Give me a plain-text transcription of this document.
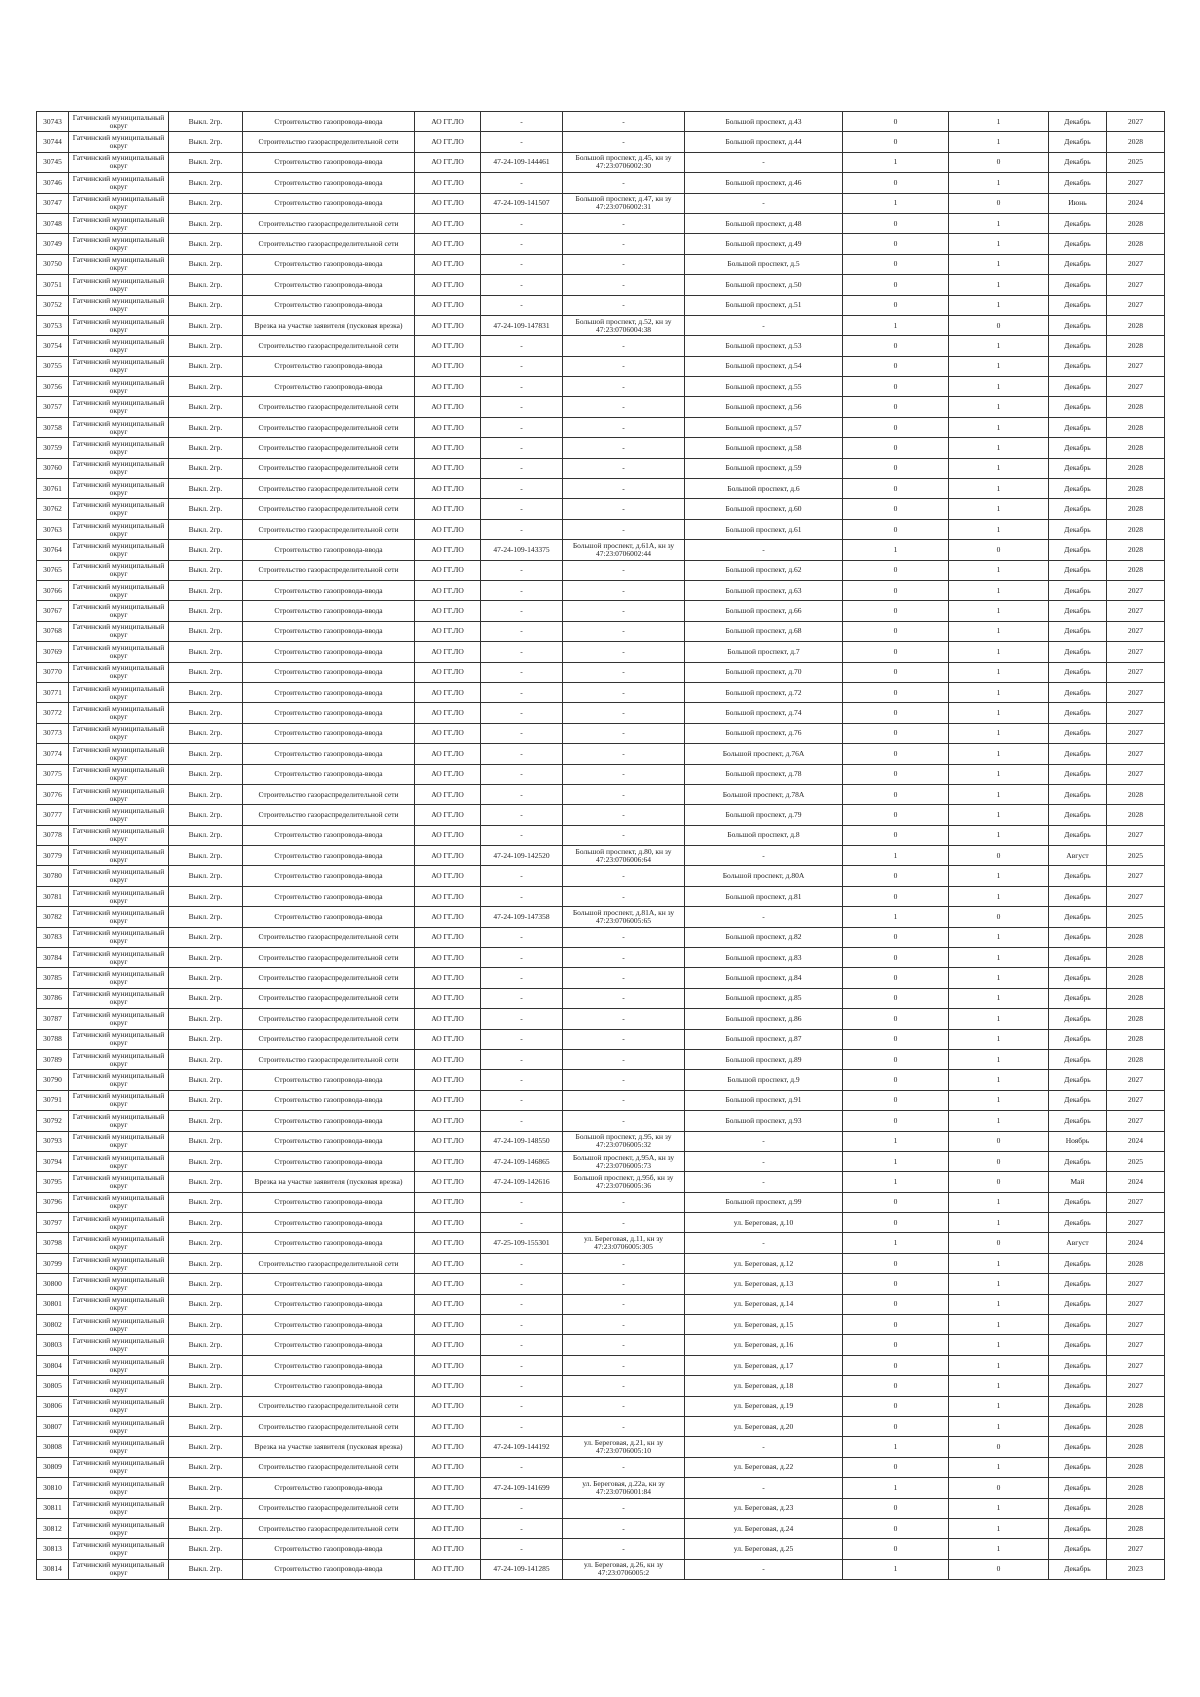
30743	Гатчинский муниципальный округ	Выкл. 2гр.	Строительство газопровода-ввода	АО ГГ.ЛО	-	-	Большой проспект, д.43	0	1	Декабрь	2027
30744	Гатчинский муниципальный округ	Выкл. 2гр.	Строительство газораспределительной сети	АО ГГ.ЛО	-	-	Большой проспект, д.44	0	1	Декабрь	2028
30745	Гатчинский муниципальный округ	Выкл. 2гр.	Строительство газопровода-ввода	АО ГГ.ЛО	47-24-109-144461	Большой проспект, д.45, кн зу 47:23:0706002:30	-	1	0	Декабрь	2025
30746	Гатчинский муниципальный округ	Выкл. 2гр.	Строительство газопровода-ввода	АО ГГ.ЛО	-	-	Большой проспект, д.46	0	1	Декабрь	2027
30747	Гатчинский муниципальный округ	Выкл. 2гр.	Строительство газопровода-ввода	АО ГГ.ЛО	47-24-109-141507	Большой проспект, д.47, кн зу 47:23:0706002:31	-	1	0	Июнь	2024
30748	Гатчинский муниципальный округ	Выкл. 2гр.	Строительство газораспределительной сети	АО ГГ.ЛО	-	-	Большой проспект, д.48	0	1	Декабрь	2028
30749	Гатчинский муниципальный округ	Выкл. 2гр.	Строительство газораспределительной сети	АО ГГ.ЛО	-	-	Большой проспект, д.49	0	1	Декабрь	2028
30750	Гатчинский муниципальный округ	Выкл. 2гр.	Строительство газопровода-ввода	АО ГГ.ЛО	-	-	Большой проспект, д.5	0	1	Декабрь	2027
30751	Гатчинский муниципальный округ	Выкл. 2гр.	Строительство газопровода-ввода	АО ГГ.ЛО	-	-	Большой проспект, д.50	0	1	Декабрь	2027
30752	Гатчинский муниципальный округ	Выкл. 2гр.	Строительство газопровода-ввода	АО ГГ.ЛО	-	-	Большой проспект, д.51	0	1	Декабрь	2027
30753	Гатчинский муниципальный округ	Выкл. 2гр.	Врезка на участке заявителя (пусковая врезка)	АО ГГ.ЛО	47-24-109-147831	Большой проспект, д.52, кн зу 47:23:0706004:38	-	1	0	Декабрь	2028
30754	Гатчинский муниципальный округ	Выкл. 2гр.	Строительство газораспределительной сети	АО ГГ.ЛО	-	-	Большой проспект, д.53	0	1	Декабрь	2028
30755	Гатчинский муниципальный округ	Выкл. 2гр.	Строительство газопровода-ввода	АО ГГ.ЛО	-	-	Большой проспект, д.54	0	1	Декабрь	2027
30756	Гатчинский муниципальный округ	Выкл. 2гр.	Строительство газопровода-ввода	АО ГГ.ЛО	-	-	Большой проспект, д.55	0	1	Декабрь	2027
30757	Гатчинский муниципальный округ	Выкл. 2гр.	Строительство газораспределительной сети	АО ГГ.ЛО	-	-	Большой проспект, д.56	0	1	Декабрь	2028
30758	Гатчинский муниципальный округ	Выкл. 2гр.	Строительство газораспределительной сети	АО ГГ.ЛО	-	-	Большой проспект, д.57	0	1	Декабрь	2028
30759	Гатчинский муниципальный округ	Выкл. 2гр.	Строительство газораспределительной сети	АО ГГ.ЛО	-	-	Большой проспект, д.58	0	1	Декабрь	2028
30760	Гатчинский муниципальный округ	Выкл. 2гр.	Строительство газораспределительной сети	АО ГГ.ЛО	-	-	Большой проспект, д.59	0	1	Декабрь	2028
30761	Гатчинский муниципальный округ	Выкл. 2гр.	Строительство газораспределительной сети	АО ГГ.ЛО	-	-	Большой проспект, д.6	0	1	Декабрь	2028
30762	Гатчинский муниципальный округ	Выкл. 2гр.	Строительство газораспределительной сети	АО ГГ.ЛО	-	-	Большой проспект, д.60	0	1	Декабрь	2028
30763	Гатчинский муниципальный округ	Выкл. 2гр.	Строительство газораспределительной сети	АО ГГ.ЛО	-	-	Большой проспект, д.61	0	1	Декабрь	2028
30764	Гатчинский муниципальный округ	Выкл. 2гр.	Строительство газопровода-ввода	АО ГГ.ЛО	47-24-109-143375	Большой проспект, д.61А, кн зу 47:23:0706002:44	-	1	0	Декабрь	2028
30765	Гатчинский муниципальный округ	Выкл. 2гр.	Строительство газораспределительной сети	АО ГГ.ЛО	-	-	Большой проспект, д.62	0	1	Декабрь	2028
30766	Гатчинский муниципальный округ	Выкл. 2гр.	Строительство газопровода-ввода	АО ГГ.ЛО	-	-	Большой проспект, д.63	0	1	Декабрь	2027
30767	Гатчинский муниципальный округ	Выкл. 2гр.	Строительство газопровода-ввода	АО ГГ.ЛО	-	-	Большой проспект, д.66	0	1	Декабрь	2027
30768	Гатчинский муниципальный округ	Выкл. 2гр.	Строительство газопровода-ввода	АО ГГ.ЛО	-	-	Большой проспект, д.68	0	1	Декабрь	2027
30769	Гатчинский муниципальный округ	Выкл. 2гр.	Строительство газопровода-ввода	АО ГГ.ЛО	-	-	Большой проспект, д.7	0	1	Декабрь	2027
30770	Гатчинский муниципальный округ	Выкл. 2гр.	Строительство газопровода-ввода	АО ГГ.ЛО	-	-	Большой проспект, д.70	0	1	Декабрь	2027
30771	Гатчинский муниципальный округ	Выкл. 2гр.	Строительство газопровода-ввода	АО ГГ.ЛО	-	-	Большой проспект, д.72	0	1	Декабрь	2027
30772	Гатчинский муниципальный округ	Выкл. 2гр.	Строительство газопровода-ввода	АО ГГ.ЛО	-	-	Большой проспект, д.74	0	1	Декабрь	2027
30773	Гатчинский муниципальный округ	Выкл. 2гр.	Строительство газопровода-ввода	АО ГГ.ЛО	-	-	Большой проспект, д.76	0	1	Декабрь	2027
30774	Гатчинский муниципальный округ	Выкл. 2гр.	Строительство газопровода-ввода	АО ГГ.ЛО	-	-	Большой проспект, д.76А	0	1	Декабрь	2027
30775	Гатчинский муниципальный округ	Выкл. 2гр.	Строительство газопровода-ввода	АО ГГ.ЛО	-	-	Большой проспект, д.78	0	1	Декабрь	2027
30776	Гатчинский муниципальный округ	Выкл. 2гр.	Строительство газораспределительной сети	АО ГГ.ЛО	-	-	Большой проспект, д.78А	0	1	Декабрь	2028
30777	Гатчинский муниципальный округ	Выкл. 2гр.	Строительство газораспределительной сети	АО ГГ.ЛО	-	-	Большой проспект, д.79	0	1	Декабрь	2028
30778	Гатчинский муниципальный округ	Выкл. 2гр.	Строительство газопровода-ввода	АО ГГ.ЛО	-	-	Большой проспект, д.8	0	1	Декабрь	2027
30779	Гатчинский муниципальный округ	Выкл. 2гр.	Строительство газопровода-ввода	АО ГГ.ЛО	47-24-109-142520	Большой проспект, д.80, кн зу 47:23:0706006:64	-	1	0	Август	2025
30780	Гатчинский муниципальный округ	Выкл. 2гр.	Строительство газопровода-ввода	АО ГГ.ЛО	-	-	Большой проспект, д.80А	0	1	Декабрь	2027
30781	Гатчинский муниципальный округ	Выкл. 2гр.	Строительство газопровода-ввода	АО ГГ.ЛО	-	-	Большой проспект, д.81	0	1	Декабрь	2027
30782	Гатчинский муниципальный округ	Выкл. 2гр.	Строительство газопровода-ввода	АО ГГ.ЛО	47-24-109-147358	Большой проспект, д.81А, кн зу 47:23:0706005:65	-	1	0	Декабрь	2025
30783	Гатчинский муниципальный округ	Выкл. 2гр.	Строительство газораспределительной сети	АО ГГ.ЛО	-	-	Большой проспект, д.82	0	1	Декабрь	2028
30784	Гатчинский муниципальный округ	Выкл. 2гр.	Строительство газораспределительной сети	АО ГГ.ЛО	-	-	Большой проспект, д.83	0	1	Декабрь	2028
30785	Гатчинский муниципальный округ	Выкл. 2гр.	Строительство газораспределительной сети	АО ГГ.ЛО	-	-	Большой проспект, д.84	0	1	Декабрь	2028
30786	Гатчинский муниципальный округ	Выкл. 2гр.	Строительство газораспределительной сети	АО ГГ.ЛО	-	-	Большой проспект, д.85	0	1	Декабрь	2028
30787	Гатчинский муниципальный округ	Выкл. 2гр.	Строительство газораспределительной сети	АО ГГ.ЛО	-	-	Большой проспект, д.86	0	1	Декабрь	2028
30788	Гатчинский муниципальный округ	Выкл. 2гр.	Строительство газораспределительной сети	АО ГГ.ЛО	-	-	Большой проспект, д.87	0	1	Декабрь	2028
30789	Гатчинский муниципальный округ	Выкл. 2гр.	Строительство газораспределительной сети	АО ГГ.ЛО	-	-	Большой проспект, д.89	0	1	Декабрь	2028
30790	Гатчинский муниципальный округ	Выкл. 2гр.	Строительство газопровода-ввода	АО ГГ.ЛО	-	-	Большой проспект, д.9	0	1	Декабрь	2027
30791	Гатчинский муниципальный округ	Выкл. 2гр.	Строительство газопровода-ввода	АО ГГ.ЛО	-	-	Большой проспект, д.91	0	1	Декабрь	2027
30792	Гатчинский муниципальный округ	Выкл. 2гр.	Строительство газопровода-ввода	АО ГГ.ЛО	-	-	Большой проспект, д.93	0	1	Декабрь	2027
30793	Гатчинский муниципальный округ	Выкл. 2гр.	Строительство газопровода-ввода	АО ГГ.ЛО	47-24-109-148550	Большой проспект, д.95, кн зу 47:23:0706005:32	-	1	0	Ноябрь	2024
30794	Гатчинский муниципальный округ	Выкл. 2гр.	Строительство газопровода-ввода	АО ГГ.ЛО	47-24-109-146865	Большой проспект, д.95А, кн зу 47:23:0706005:73	-	1	0	Декабрь	2025
30795	Гатчинский муниципальный округ	Выкл. 2гр.	Врезка на участке заявителя (пусковая врезка)	АО ГГ.ЛО	47-24-109-142616	Большой проспект, д.95б, кн зу 47:23:0706005:36	-	1	0	Май	2024
30796	Гатчинский муниципальный округ	Выкл. 2гр.	Строительство газопровода-ввода	АО ГГ.ЛО	-	-	Большой проспект, д.99	0	1	Декабрь	2027
30797	Гатчинский муниципальный округ	Выкл. 2гр.	Строительство газопровода-ввода	АО ГГ.ЛО	-	-	ул. Береговая, д.10	0	1	Декабрь	2027
30798	Гатчинский муниципальный округ	Выкл. 2гр.	Строительство газопровода-ввода	АО ГГ.ЛО	47-25-109-155301	ул. Береговая, д.11, кн зу 47:23:0706005:305	-	1	0	Август	2024
30799	Гатчинский муниципальный округ	Выкл. 2гр.	Строительство газораспределительной сети	АО ГГ.ЛО	-	-	ул. Береговая, д.12	0	1	Декабрь	2028
30800	Гатчинский муниципальный округ	Выкл. 2гр.	Строительство газопровода-ввода	АО ГГ.ЛО	-	-	ул. Береговая, д.13	0	1	Декабрь	2027
30801	Гатчинский муниципальный округ	Выкл. 2гр.	Строительство газопровода-ввода	АО ГГ.ЛО	-	-	ул. Береговая, д.14	0	1	Декабрь	2027
30802	Гатчинский муниципальный округ	Выкл. 2гр.	Строительство газопровода-ввода	АО ГГ.ЛО	-	-	ул. Береговая, д.15	0	1	Декабрь	2027
30803	Гатчинский муниципальный округ	Выкл. 2гр.	Строительство газопровода-ввода	АО ГГ.ЛО	-	-	ул. Береговая, д.16	0	1	Декабрь	2027
30804	Гатчинский муниципальный округ	Выкл. 2гр.	Строительство газопровода-ввода	АО ГГ.ЛО	-	-	ул. Береговая, д.17	0	1	Декабрь	2027
30805	Гатчинский муниципальный округ	Выкл. 2гр.	Строительство газопровода-ввода	АО ГГ.ЛО	-	-	ул. Береговая, д.18	0	1	Декабрь	2027
30806	Гатчинский муниципальный округ	Выкл. 2гр.	Строительство газораспределительной сети	АО ГГ.ЛО	-	-	ул. Береговая, д.19	0	1	Декабрь	2028
30807	Гатчинский муниципальный округ	Выкл. 2гр.	Строительство газораспределительной сети	АО ГГ.ЛО	-	-	ул. Береговая, д.20	0	1	Декабрь	2028
30808	Гатчинский муниципальный округ	Выкл. 2гр.	Врезка на участке заявителя (пусковая врезка)	АО ГГ.ЛО	47-24-109-144192	ул. Береговая, д.21, кн зу 47:23:0706005:10	-	1	0	Декабрь	2028
30809	Гатчинский муниципальный округ	Выкл. 2гр.	Строительство газораспределительной сети	АО ГГ.ЛО	-	-	ул. Береговая, д.22	0	1	Декабрь	2028
30810	Гатчинский муниципальный округ	Выкл. 2гр.	Строительство газопровода-ввода	АО ГГ.ЛО	47-24-109-141699	ул. Береговая, д.22а, кн зу 47:23:0706001:84	-	1	0	Декабрь	2028
30811	Гатчинский муниципальный округ	Выкл. 2гр.	Строительство газораспределительной сети	АО ГГ.ЛО	-	-	ул. Береговая, д.23	0	1	Декабрь	2028
30812	Гатчинский муниципальный округ	Выкл. 2гр.	Строительство газораспределительной сети	АО ГГ.ЛО	-	-	ул. Береговая, д.24	0	1	Декабрь	2028
30813	Гатчинский муниципальный округ	Выкл. 2гр.	Строительство газопровода-ввода	АО ГГ.ЛО	-	-	ул. Береговая, д.25	0	1	Декабрь	2027
30814	Гатчинский муниципальный округ	Выкл. 2гр.	Строительство газопровода-ввода	АО ГГ.ЛО	47-24-109-141285	ул. Береговая, д.26, кн зу 47:23:0706005:2	-	1	0	Декабрь	2023
